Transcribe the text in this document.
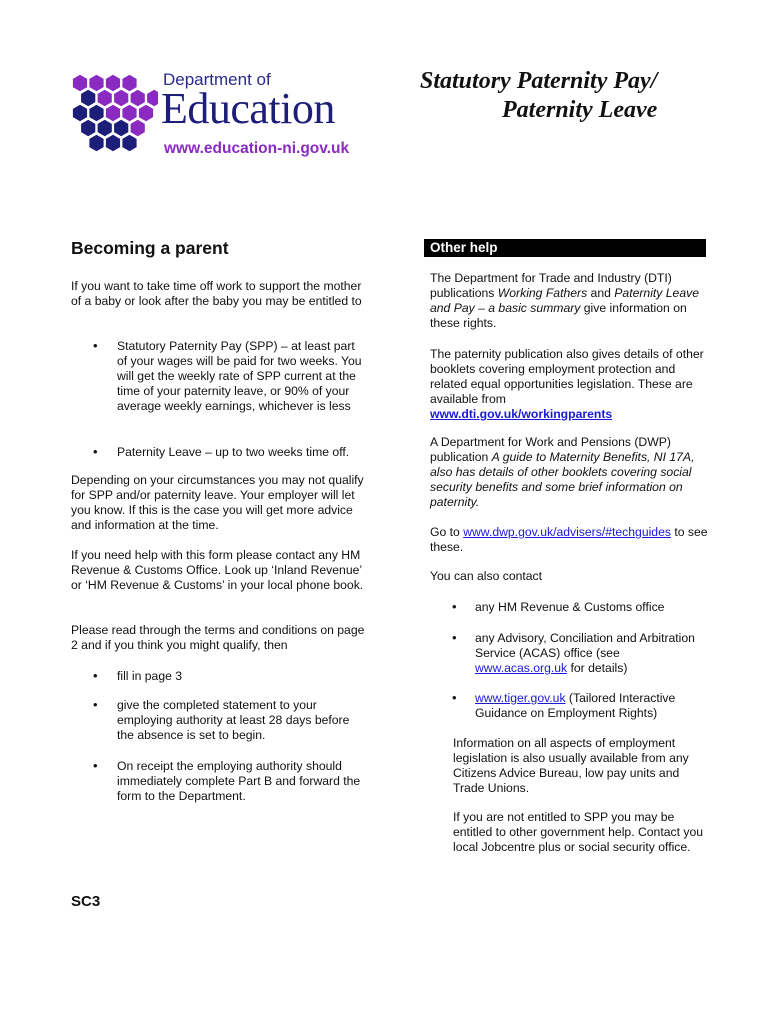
Department of
Education
www.education-ni.gov.uk
Statutory Paternity Pay/
Paternity Leave
Becoming a parent

If you want to take time off work to support the mother of a baby or look after the baby you may be entitled to

• Statutory Paternity Pay (SPP) – at least part of your wages will be paid for two weeks. You will get the weekly rate of SPP current at the time of your paternity leave, or 90% of your average weekly earnings, whichever is less

• Paternity Leave – up to two weeks time off.

Depending on your circumstances you may not qualify for SPP and/or paternity leave. Your employer will let you know. If this is the case you will get more advice and information at the time.

If you need help with this form please contact any HM Revenue & Customs Office. Look up ‘Inland Revenue’ or ‘HM Revenue & Customs’ in your local phone book.

Please read through the terms and conditions on page 2 and if you think you might qualify, then

• fill in page 3

• give the completed statement to your employing authority at least 28 days before the absence is set to begin.

• On receipt the employing authority should immediately complete Part B and forward the form to the Department.

SC3
Other help

The Department for Trade and Industry (DTI) publications Working Fathers and Paternity Leave and Pay – a basic summary give information on these rights.

The paternity publication also gives details of other booklets covering employment protection and related equal opportunities legislation. These are available from
www.dti.gov.uk/workingparents

A Department for Work and Pensions (DWP) publication A guide to Maternity Benefits, NI 17A, also has details of other booklets covering social security benefits and some brief information on paternity.

Go to www.dwp.gov.uk/advisers/#techguides to see these.

You can also contact

• any HM Revenue & Customs office

• any Advisory, Conciliation and Arbitration Service (ACAS) office (see www.acas.org.uk for details)

• www.tiger.gov.uk (Tailored Interactive Guidance on Employment Rights)

Information on all aspects of employment legislation is also usually available from any Citizens Advice Bureau, low pay units and Trade Unions.

If you are not entitled to SPP you may be entitled to other government help. Contact you local Jobcentre plus or social security office.
